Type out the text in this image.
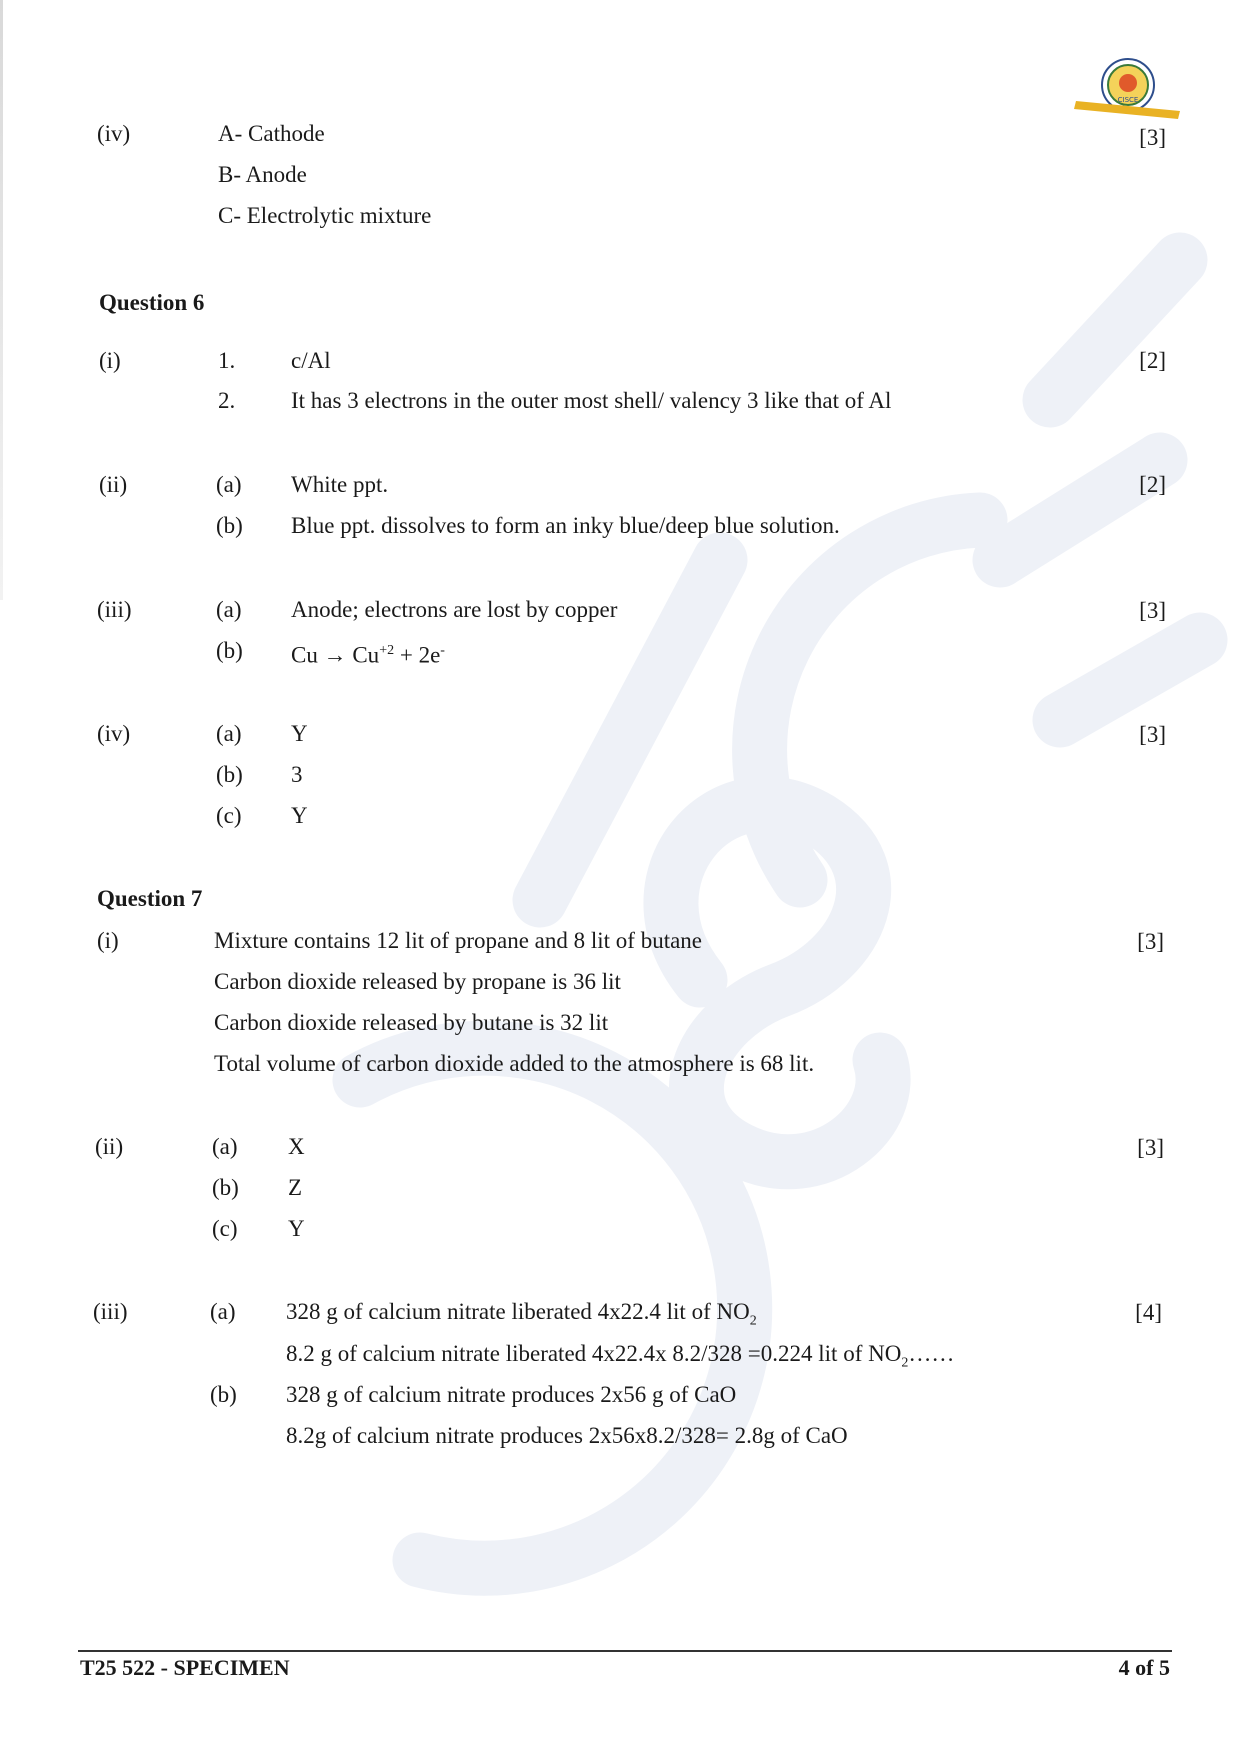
CISCE
(iv)	A- Cathode
B- Anode
C- Electrolytic mixture
[3]
Question 6
(i)	1. c/Al
2. It has 3 electrons in the outer most shell/ valency 3 like that of Al
[2]
(ii)	(a) White ppt.
(b) Blue ppt. dissolves to form an inky blue/deep blue solution.
[2]
(iii)	(a) Anode; electrons are lost by copper
(b) $Cu \to Cu^{+2} + 2e^-$
[3]
(iv)	(a) Y
(b) 3
(c) Y
[3]
Question 7
(i)	Mixture contains 12 lit of propane and 8 lit of butane
Carbon dioxide released by propane is 36 lit
Carbon dioxide released by butane is 32 lit
Total volume of carbon dioxide added to the atmosphere is 68 lit.
[3]
(ii)	(a) X
(b) Z
(c) Y
[3]
(iii)	(a) 328 g of calcium nitrate liberated 4x22.4 lit of $NO_2$
8.2 g of calcium nitrate liberated 4x22.4x 8.2/328 =0.224 lit of $NO_2\dots\dots$
(b) 328 g of calcium nitrate produces 2x56 g of CaO
8.2g of calcium nitrate produces 2x56x8.2/328= 2.8g of CaO
[4]
T25 522 - SPECIMEN	4 of 5
